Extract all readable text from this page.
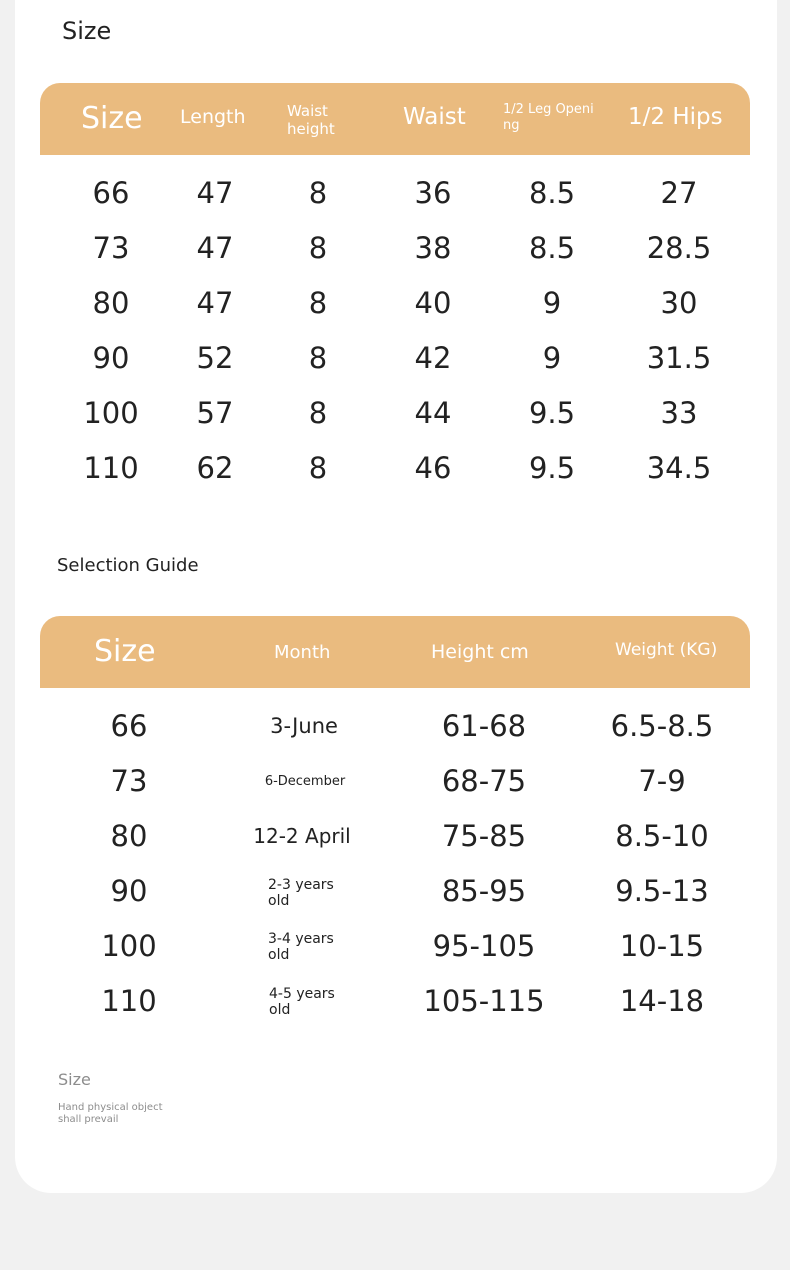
Size
Size Length	Waist height	Waist	1/2 Leg Opening	1/2 Hips
66 47	8	36	8.5	27
73 47	8	38	8.5 28.5
80 47	8	40	9	30
90 52	8	42	9	31.5
100 57	8	44	9.5	33
110 62	8	46	9.5 34.5
Selection Guide
Size	Month	Height cm	Weight (KG)
66	3-June	61-68	6.5-8.5
73	6-December	68-75	7-9
80	12-2 April	75-85	8.5-10
90	2-3 years old	85-95	9.5-13
100	3-4 years old	95-105	10-15
110	4-5 years old	105-115	14-18
Size
Hand physical object shall prevail
